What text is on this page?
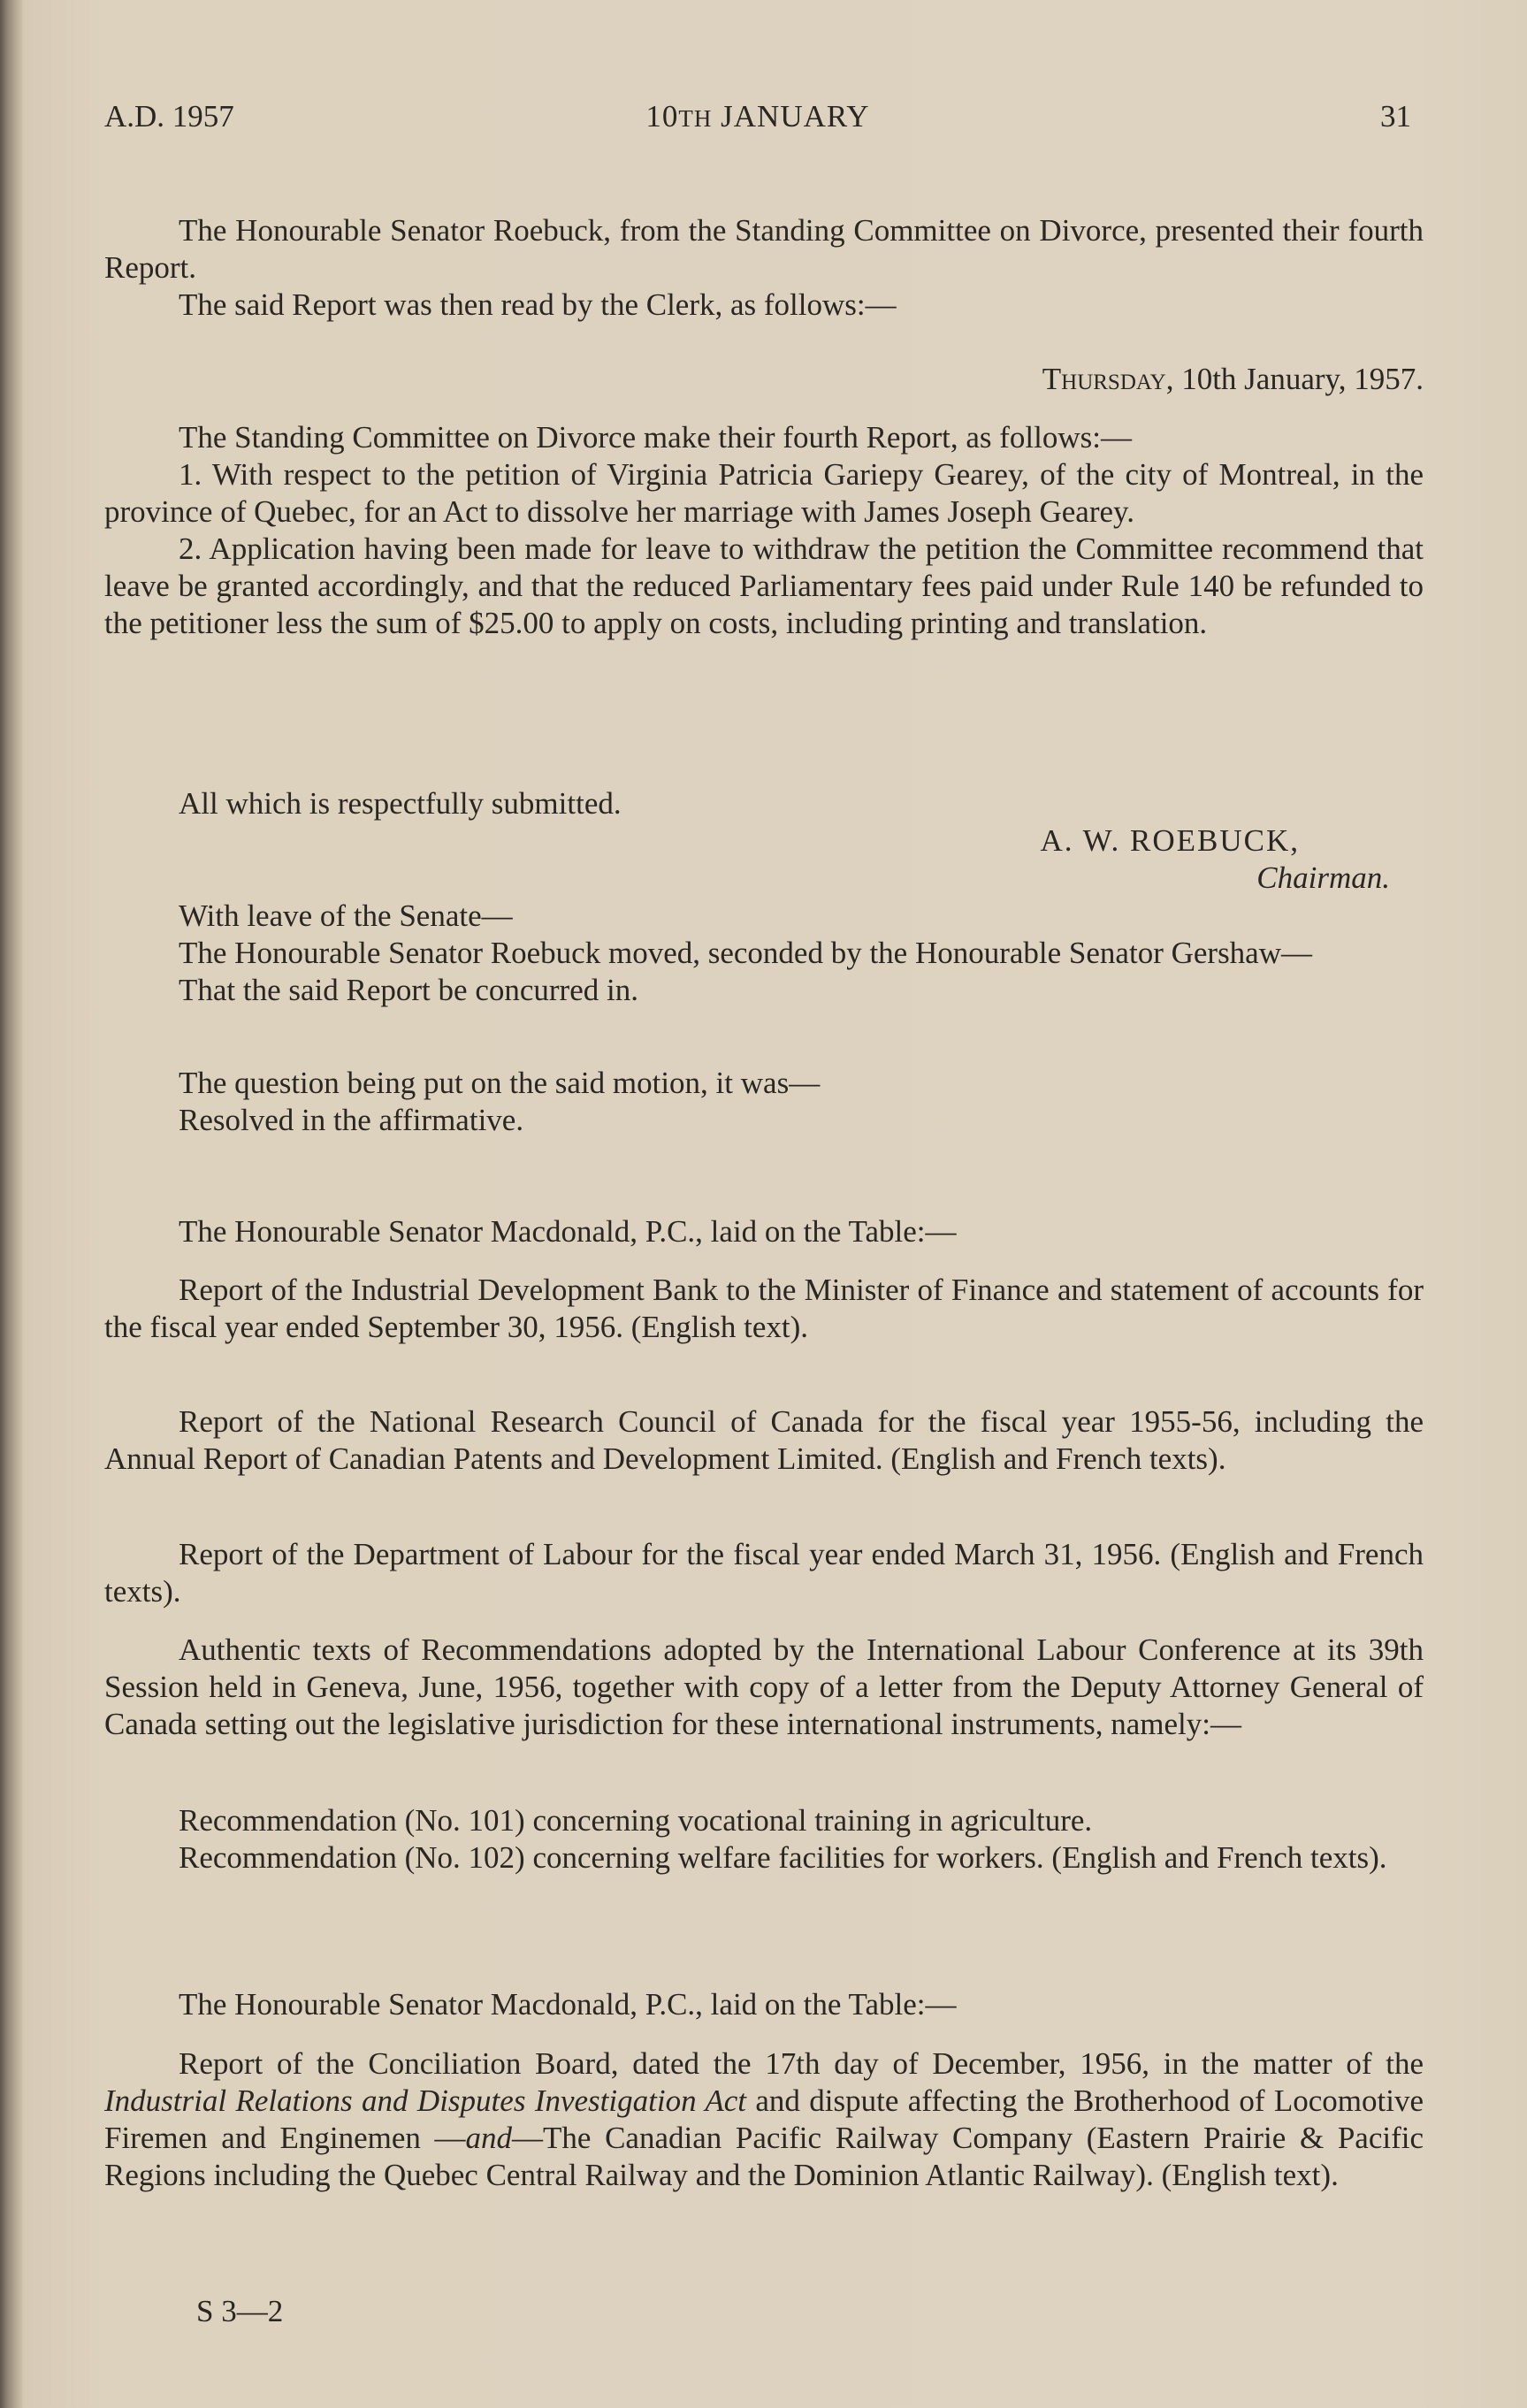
A.D. 1957	10TH JANUARY	31

The Honourable Senator Roebuck, from the Standing Committee on Divorce, presented their fourth Report.

The said Report was then read by the Clerk, as follows:—

Thursday, 10th January, 1957.

The Standing Committee on Divorce make their fourth Report, as follows:—

1. With respect to the petition of Virginia Patricia Gariepy Gearey, of the city of Montreal, in the province of Quebec, for an Act to dissolve her marriage with James Joseph Gearey.

2. Application having been made for leave to withdraw the petition the Committee recommend that leave be granted accordingly, and that the reduced Parliamentary fees paid under Rule 140 be refunded to the petitioner less the sum of $25.00 to apply on costs, including printing and translation.

All which is respectfully submitted.

A. W. ROEBUCK,

Chairman.

With leave of the Senate—

The Honourable Senator Roebuck moved, seconded by the Honourable Senator Gershaw—

That the said Report be concurred in.

The question being put on the said motion, it was—

Resolved in the affirmative.

The Honourable Senator Macdonald, P.C., laid on the Table:—

Report of the Industrial Development Bank to the Minister of Finance and statement of accounts for the fiscal year ended September 30, 1956. (English text).

Report of the National Research Council of Canada for the fiscal year 1955-56, including the Annual Report of Canadian Patents and Development Limited. (English and French texts).

Report of the Department of Labour for the fiscal year ended March 31, 1956. (English and French texts).

Authentic texts of Recommendations adopted by the International Labour Conference at its 39th Session held in Geneva, June, 1956, together with copy of a letter from the Deputy Attorney General of Canada setting out the legislative jurisdiction for these international instruments, namely:—

Recommendation (No. 101) concerning vocational training in agriculture.

Recommendation (No. 102) concerning welfare facilities for workers. (English and French texts).

The Honourable Senator Macdonald, P.C., laid on the Table:—

Report of the Conciliation Board, dated the 17th day of December, 1956, in the matter of the Industrial Relations and Disputes Investigation Act and dispute affecting the Brotherhood of Locomotive Firemen and Enginemen —and—The Canadian Pacific Railway Company (Eastern Prairie & Pacific Regions including the Quebec Central Railway and the Dominion Atlantic Railway). (English text).

S 3—2
